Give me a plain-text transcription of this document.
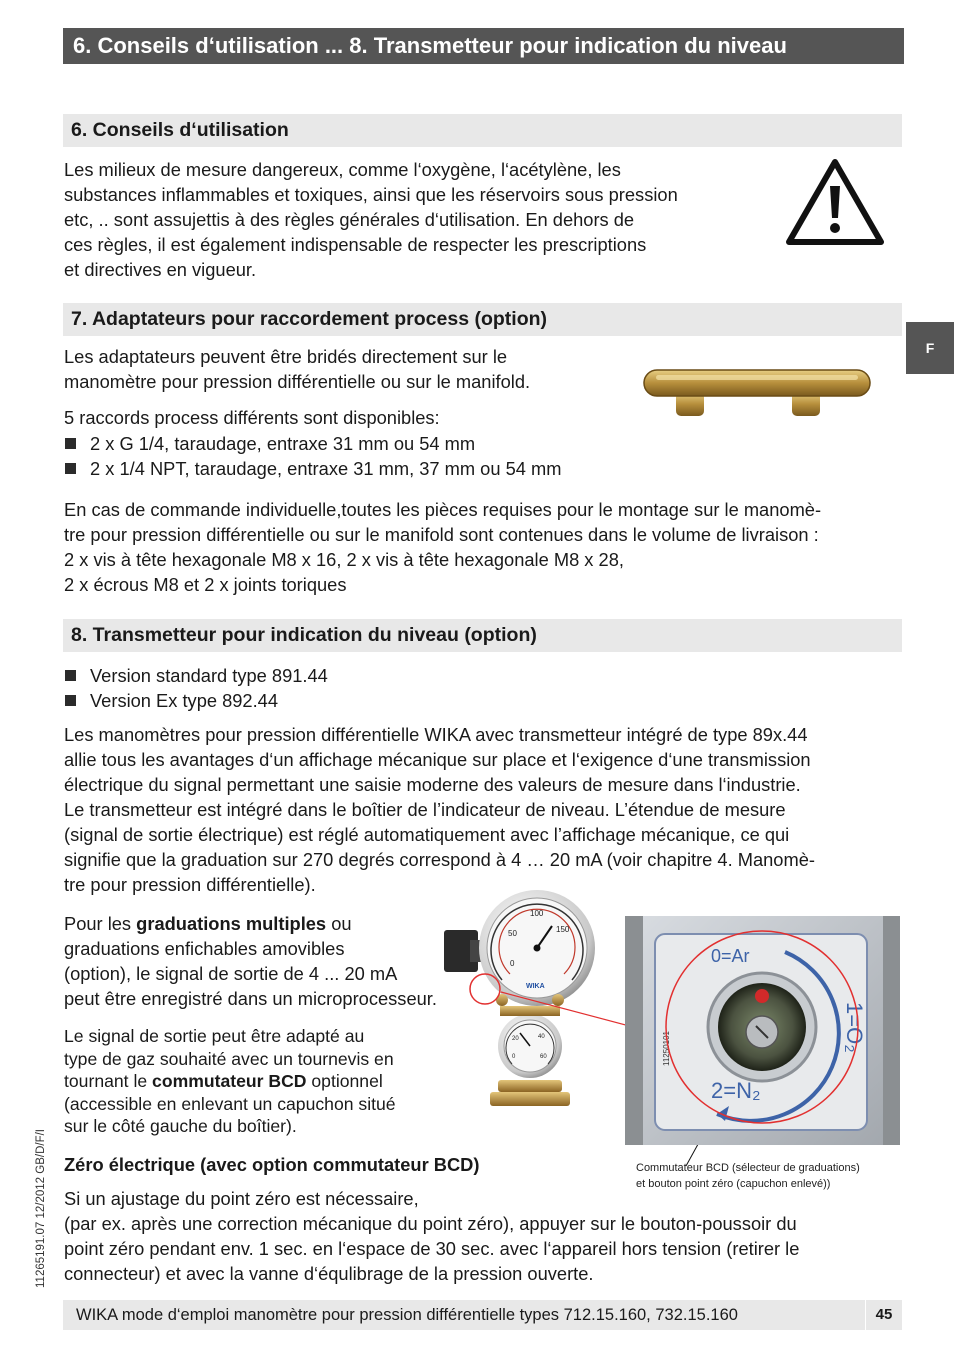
6. Conseils d‘utilisation ... 8. Transmetteur pour indication du niveau
6. Conseils d‘utilisation
Les milieux de mesure dangereux, comme l‘oxygène, l‘acétylène, les
substances inflammables et toxiques, ainsi que les réservoirs sous pression
etc, .. sont assujettis à des règles générales d‘utilisation. En dehors de
ces règles, il est également indispensable de respecter les prescriptions
et directives en vigueur.
F
7. Adaptateurs pour raccordement process (option)
Les adaptateurs peuvent être bridés directement sur le
manomètre pour pression différentielle ou sur le manifold.
5 raccords process différents sont disponibles:
2 x G 1/4, taraudage, entraxe 31 mm ou 54 mm
2 x 1/4 NPT, taraudage, entraxe 31 mm, 37 mm ou 54 mm
En cas de commande individuelle,toutes les pièces requises pour le montage sur le manomè-
tre pour pression différentielle ou sur le manifold sont contenues dans le volume de livraison :
2 x vis à tête hexagonale M8 x 16, 2 x vis à tête hexagonale M8 x 28,
2 x écrous M8 et 2 x joints toriques
8. Transmetteur pour indication du niveau (option)
Version standard type 891.44
Version Ex type 892.44
Les manomètres pour pression différentielle WIKA avec transmetteur intégré de type 89x.44
allie tous les avantages d‘un affichage mécanique sur place et l‘exigence d‘une transmission
électrique du signal permettant une saisie moderne des valeurs de mesure dans l‘industrie.
Le transmetteur est intégré dans le boîtier de l’indicateur de niveau. L’étendue de mesure
(signal de sortie électrique) est réglé automatiquement avec l’affichage mécanique, ce qui
signifie que la graduation sur 270 degrés correspond à 4 … 20 mA (voir chapitre 4. Manomè-
tre pour pression différentielle).
Pour les graduations multiples ou
graduations enfichables amovibles
(option), le signal de sortie de 4 ... 20 mA
peut être enregistré dans un microprocesseur.
Le signal de sortie peut être adapté au
type de gaz souhaité avec un tournevis en
tournant le commutateur BCD optionnel
(accessible en enlevant un capuchon situé
sur le côté gauche du boîtier).
0
50
100
150
WIKA
0
20	40
60
0=Ar
1=O₂
2=N₂
11250101
Commutateur BCD (sélecteur de graduations)
et bouton point zéro (capuchon enlevé))
Zéro électrique (avec option commutateur BCD)
Si un ajustage du point zéro est nécessaire,
(par ex. après une correction mécanique du point zéro), appuyer sur le bouton-poussoir du
point zéro pendant env. 1 sec. en l‘espace de 30 sec. avec l‘appareil hors tension (retirer le
connecteur) et avec la vanne d‘équlibrage de la pression ouverte.
11265191.07 12/2012 GB/D/F/I
WIKA mode d‘emploi manomètre pour pression différentielle types 712.15.160, 732.15.160	45
